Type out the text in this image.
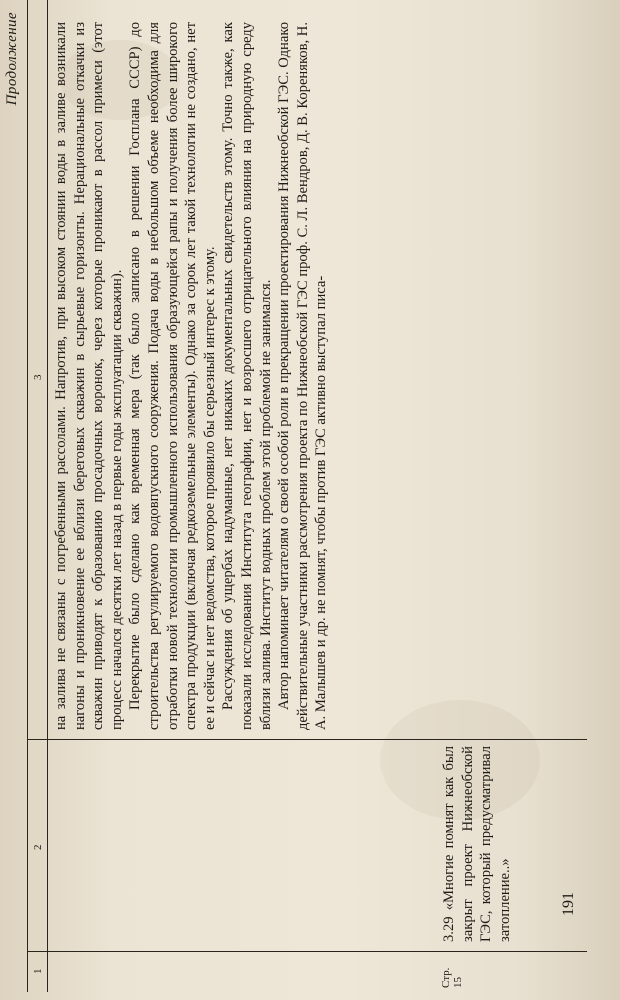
Продолжение
1
2
3
Стр. 15
3.29 «Многие помнят как был закрыт проект Нижнеобской ГЭС, который предусматривал затопление..»

на залива не связаны с погребенными рассолами. Напротив, при высоком стоянии воды в заливе возникали нагоны и проникновение ее вблизи береговых скважин в сырьевые горизонты. Нерациональные откачки из скважин приводят к образованию просадочных воронок, через которые проникают в рассол примеси (этот процесс начался десятки лет назад в первые годы эксплуатации скважин). Перекрытие было сделано как временная мера (так было записано в решении Госплана СССР) до строительства регулируемого водовпускного сооружения. Подача воды в небольшом объеме необходима для отработки новой технологии промышленного использования образующейся рапы и получения более широкого спектра продукции (включая редкоземельные элементы). Однако за сорок лет такой технологии не создано, нет ее и сейчас и нет ведомства, которое проявило бы серьезный интерес к этому. Рассуждения об ущербах надуманные, нет никаких документальных свидетельств этому. Точно также, как показали исследования Института географии, нет и возросшего отрицательного влияния на природную среду вблизи залива. Институт водных проблем этой проблемой не занимался. Автор напоминает читателям о своей особой роли в прекращении проектирования Нижнеобской ГЭС. Однако действительные участники рассмотрения проекта по Нижнеобской ГЭС проф. С. Л. Вендров, Д. В. Кореняков, Н. А. Малышев и др. не помнят, чтобы против ГЭС активно выступал писа-

191
